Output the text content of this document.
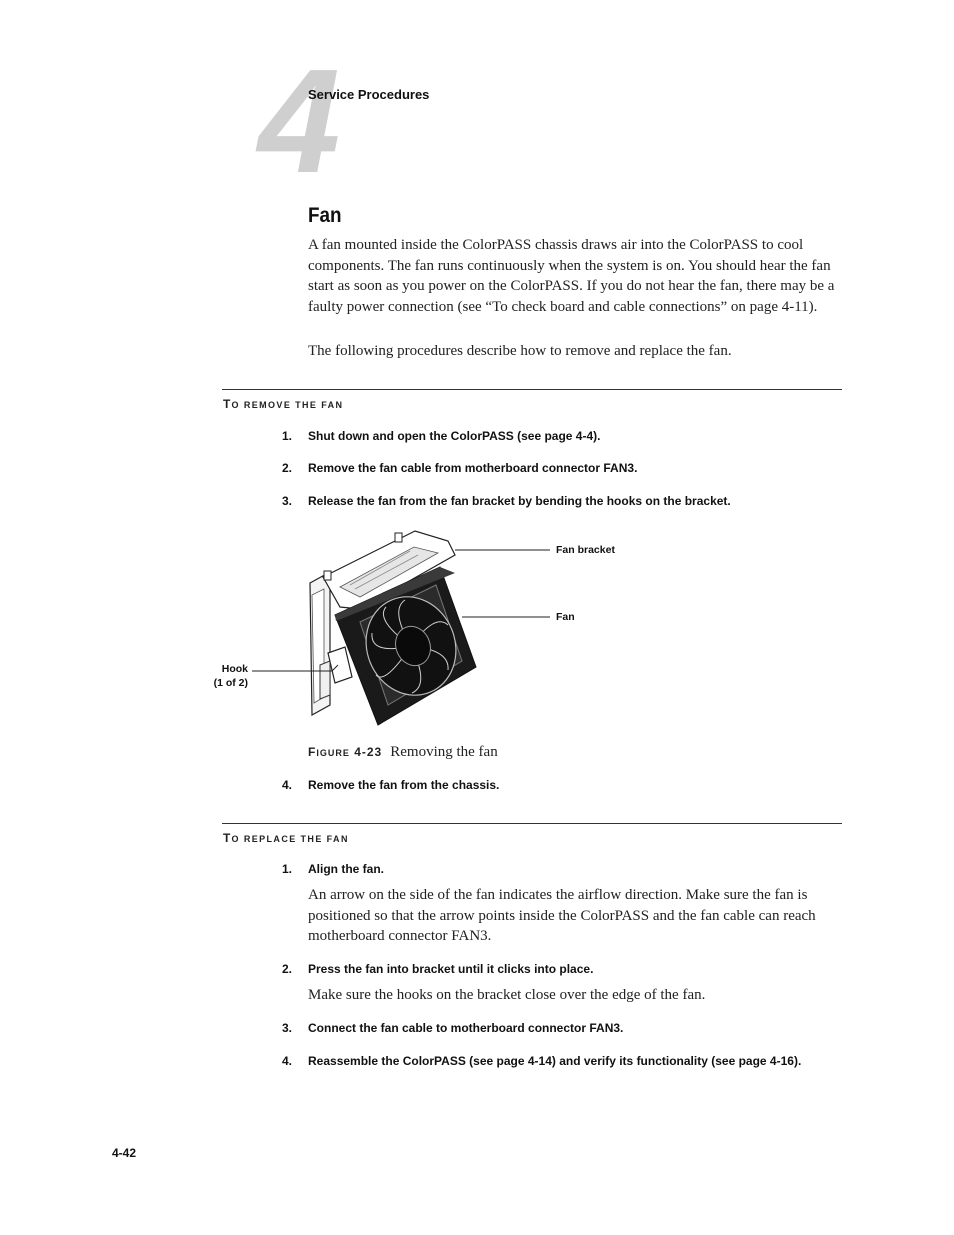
4
Service Procedures
Fan
A fan mounted inside the ColorPASS chassis draws air into the ColorPASS to cool components. The fan runs continuously when the system is on. You should hear the fan start as soon as you power on the ColorPASS. If you do not hear the fan, there may be a faulty power connection (see “To check board and cable connections” on page 4-11).
The following procedures describe how to remove and replace the fan.
TO REMOVE THE FAN
1.	Shut down and open the ColorPASS (see page 4-4).
2.	Remove the fan cable from motherboard connector FAN3.
3.	Release the fan from the fan bracket by bending the hooks on the bracket.
Fan bracket
Fan
Hook
(1 of 2)
FIGURE 4-23 Removing the fan
4.	Remove the fan from the chassis.
TO REPLACE THE FAN
1.	Align the fan.
An arrow on the side of the fan indicates the airflow direction. Make sure the fan is positioned so that the arrow points inside the ColorPASS and the fan cable can reach motherboard connector FAN3.
2.	Press the fan into bracket until it clicks into place.
Make sure the hooks on the bracket close over the edge of the fan.
3.	Connect the fan cable to motherboard connector FAN3.
4.	Reassemble the ColorPASS (see page 4-14) and verify its functionality (see page 4-16).
4-42
